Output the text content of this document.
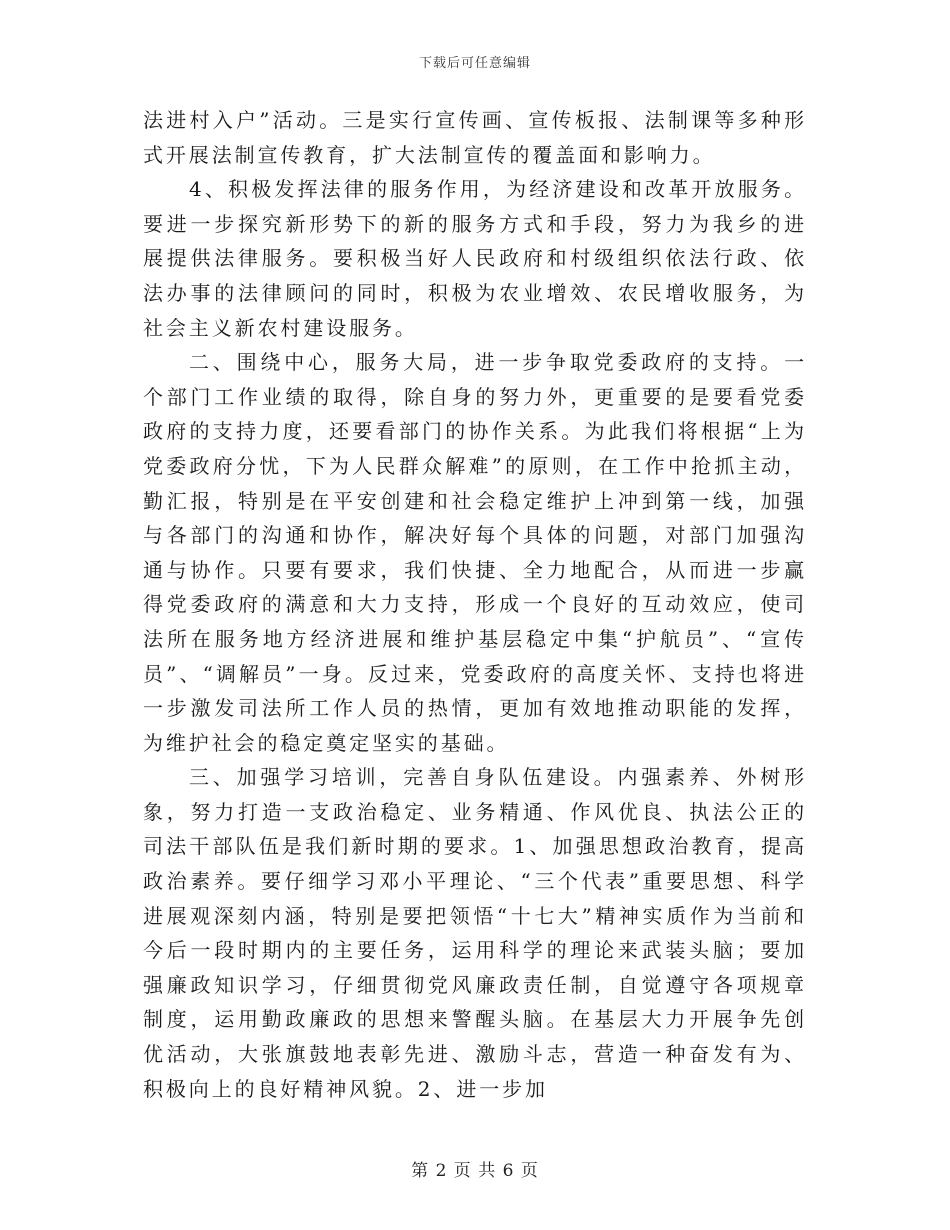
下载后可任意编辑

法进村入户”活动。三是实行宣传画、宣传板报、法制课等多种形式开展法制宣传教育，扩大法制宣传的覆盖面和影响力。

4、积极发挥法律的服务作用，为经济建设和改革开放服务。要进一步探究新形势下的新的服务方式和手段，努力为我乡的进展提供法律服务。要积极当好人民政府和村级组织依法行政、依法办事的法律顾问的同时，积极为农业增效、农民增收服务，为社会主义新农村建设服务。

二、围绕中心，服务大局，进一步争取党委政府的支持。一个部门工作业绩的取得，除自身的努力外，更重要的是要看党委政府的支持力度，还要看部门的协作关系。为此我们将根据“上为党委政府分忧，下为人民群众解难”的原则，在工作中抢抓主动，勤汇报，特别是在平安创建和社会稳定维护上冲到第一线，加强与各部门的沟通和协作，解决好每个具体的问题，对部门加强沟通与协作。只要有要求，我们快捷、全力地配合，从而进一步赢得党委政府的满意和大力支持，形成一个良好的互动效应，使司法所在服务地方经济进展和维护基层稳定中集“护航员”、“宣传员”、“调解员”一身。反过来，党委政府的高度关怀、支持也将进一步激发司法所工作人员的热情，更加有效地推动职能的发挥，为维护社会的稳定奠定坚实的基础。

三、加强学习培训，完善自身队伍建设。内强素养、外树形象，努力打造一支政治稳定、业务精通、作风优良、执法公正的司法干部队伍是我们新时期的要求。1、加强思想政治教育，提高政治素养。要仔细学习邓小平理论、“三个代表”重要思想、科学进展观深刻内涵，特别是要把领悟“十七大”精神实质作为当前和今后一段时期内的主要任务，运用科学的理论来武装头脑；要加强廉政知识学习，仔细贯彻党风廉政责任制，自觉遵守各项规章制度，运用勤政廉政的思想来警醒头脑。在基层大力开展争先创优活动，大张旗鼓地表彰先进、激励斗志，营造一种奋发有为、积极向上的良好精神风貌。2、进一步加

第 2 页 共 6 页
